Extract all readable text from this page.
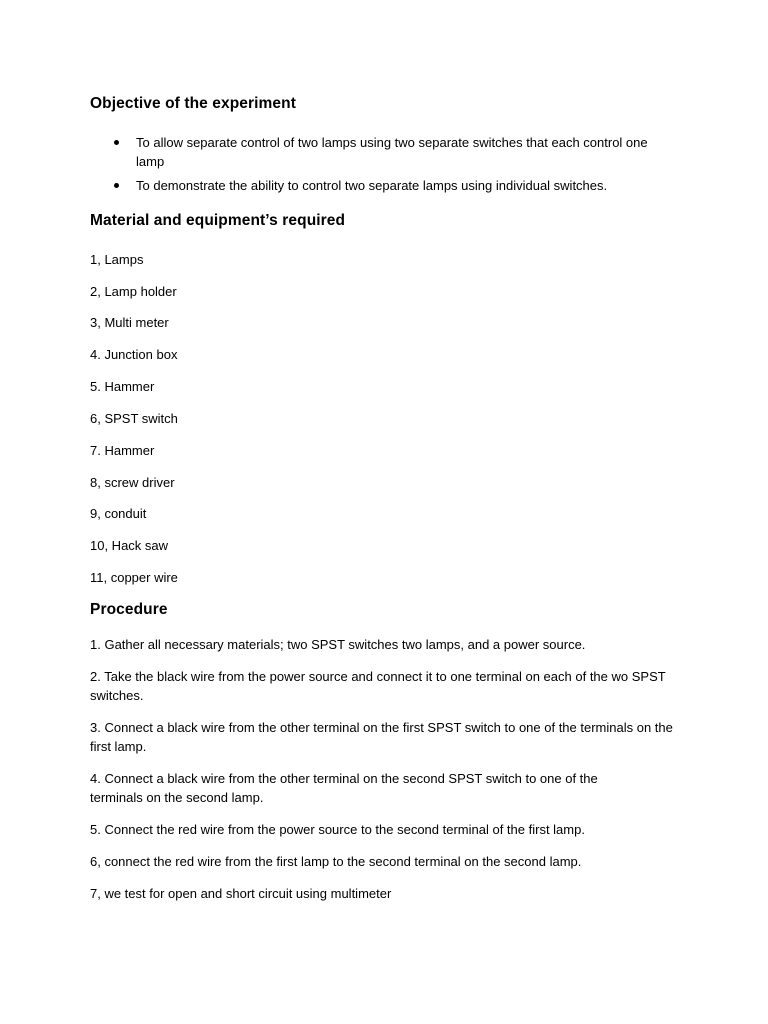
Objective of the experiment
To allow separate control of two lamps using two separate switches that each control one lamp
To demonstrate the ability to control two separate lamps using individual switches.
Material and equipment’s required
1, Lamps
2, Lamp holder
3, Multi meter
4. Junction box
5. Hammer
6, SPST switch
7. Hammer
8, screw driver
9, conduit
10, Hack saw
11, copper wire
Procedure
1. Gather all necessary materials; two SPST switches two lamps, and a power source.
2. Take the black wire from the power source and connect it to one terminal on each of the wo SPST switches.
3. Connect a black wire from the other terminal on the first SPST switch to one of the terminals on the first lamp.
4. Connect a black wire from the other terminal on the second SPST switch to one of the terminals on the second lamp.
5. Connect the red wire from the power source to the second terminal of the first lamp.
6, connect the red wire from the first lamp to the second terminal on the second lamp.
7, we test for open and short circuit using multimeter
